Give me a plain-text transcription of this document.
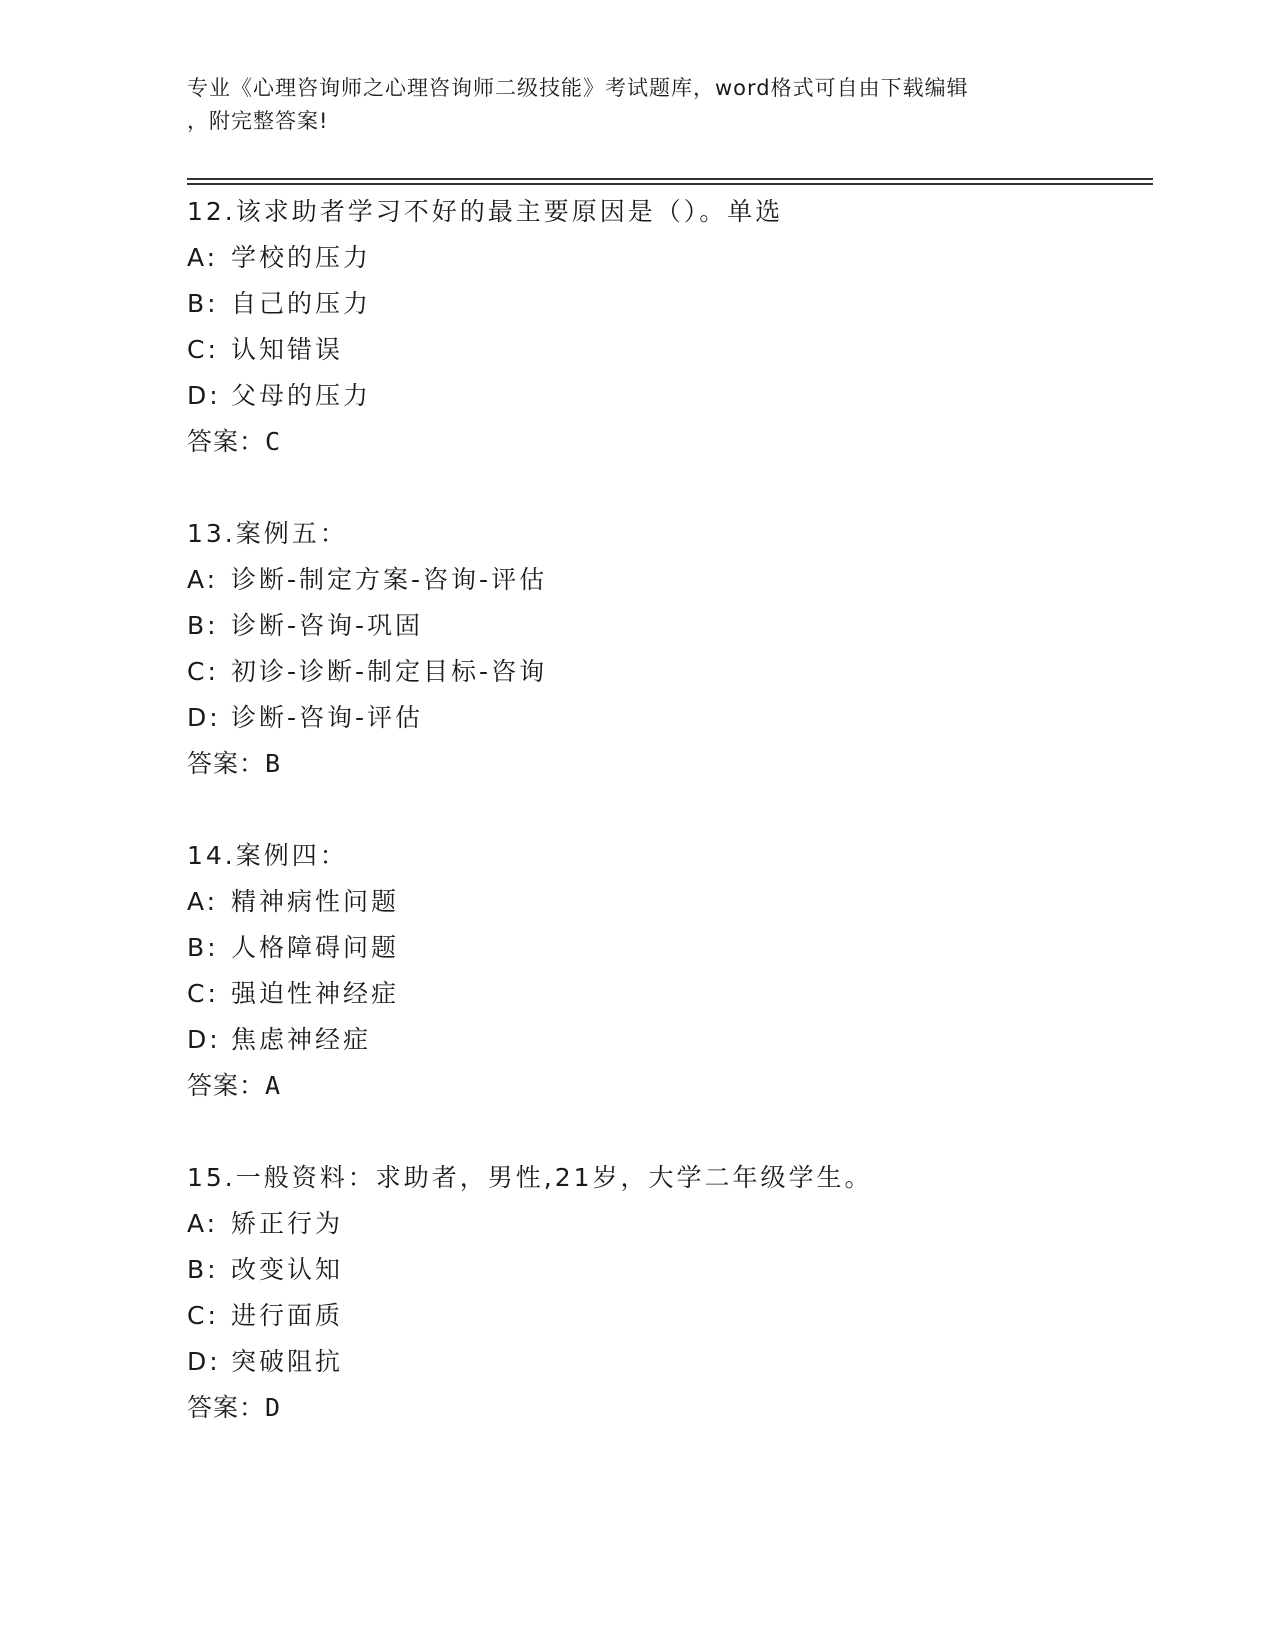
专业《心理咨询师之心理咨询师二级技能》考试题库，word格式可自由下载编辑
，附完整答案!
12.该求助者学习不好的最主要原因是（）。单选
A: 学校的压力
B: 自己的压力
C: 认知错误
D: 父母的压力
答案：C
13.案例五：
A: 诊断-制定方案-咨询-评估
B: 诊断-咨询-巩固
C: 初诊-诊断-制定目标-咨询
D: 诊断-咨询-评估
答案：B
14.案例四：
A: 精神病性问题
B: 人格障碍问题
C: 强迫性神经症
D: 焦虑神经症
答案：A
15.一般资料：求助者，男性,21岁，大学二年级学生。
A: 矫正行为
B: 改变认知
C: 进行面质
D: 突破阻抗
答案：D
